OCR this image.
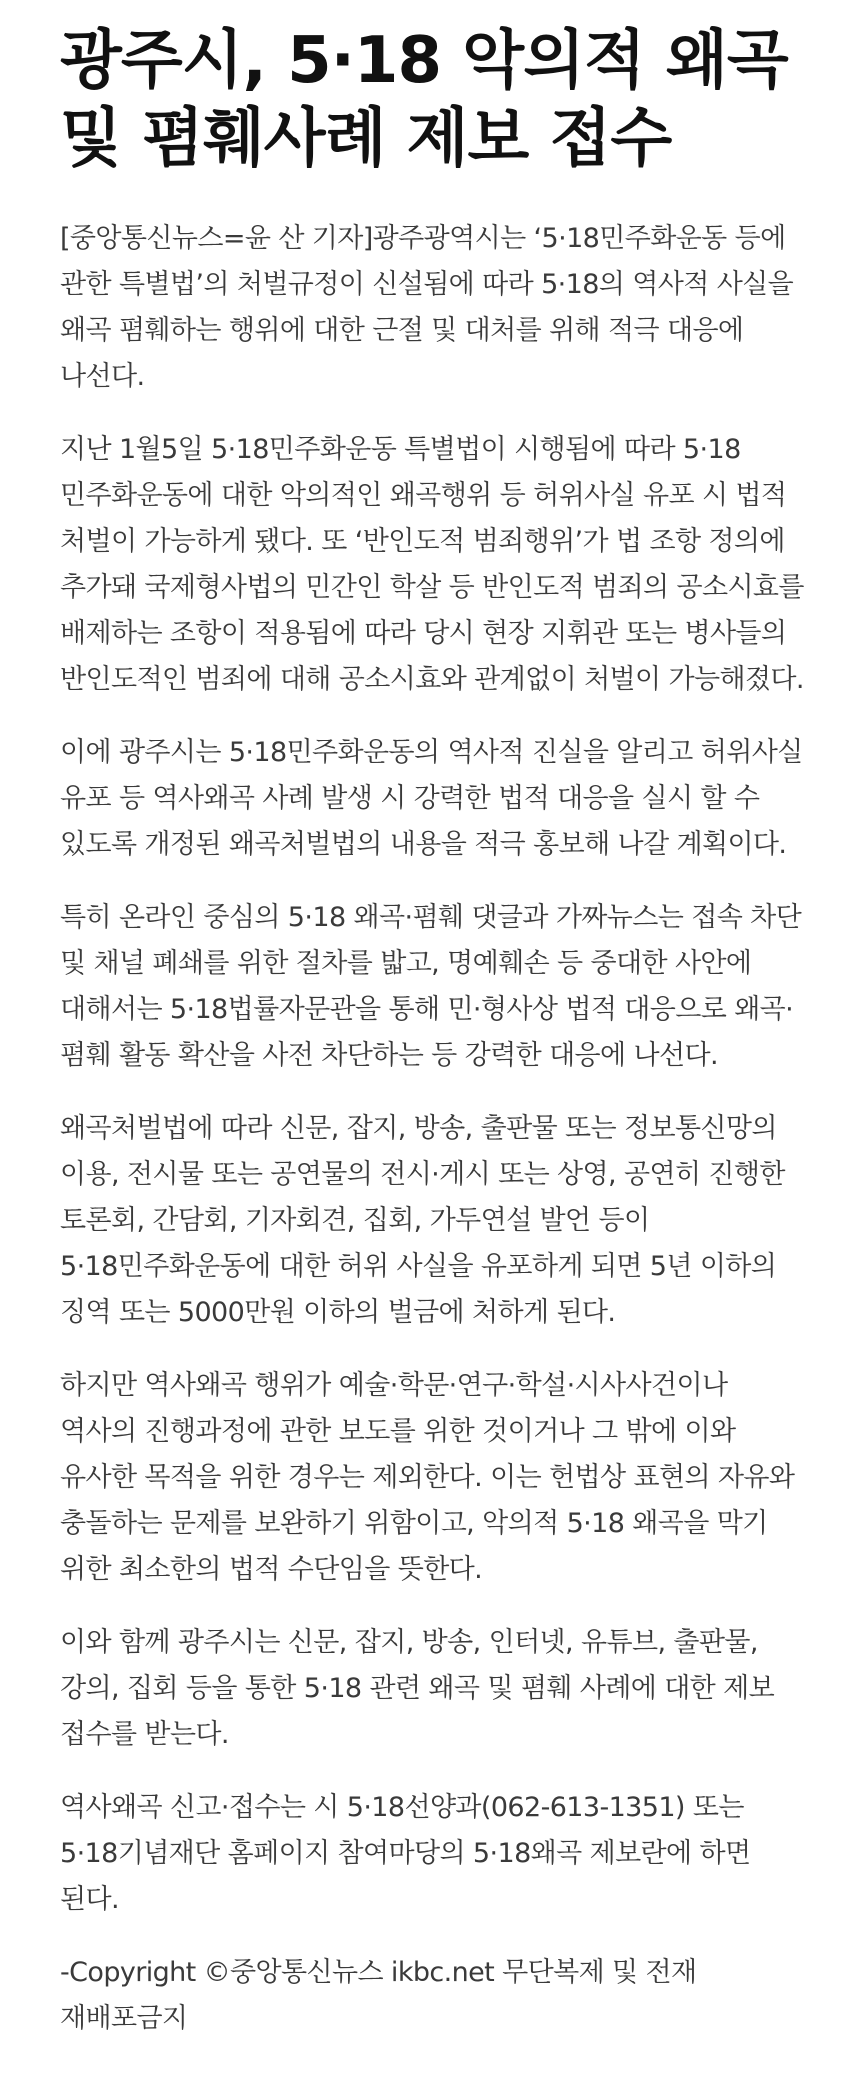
광주시, 5·18 악의적 왜곡 및 폄훼사례 제보 접수

[중앙통신뉴스=윤 산 기자]광주광역시는 ‘5·18민주화운동 등에 관한 특별법’의 처벌규정이 신설됨에 따라 5·18의 역사적 사실을 왜곡 폄훼하는 행위에 대한 근절 및 대처를 위해 적극 대응에 나선다.

지난 1월5일 5·18민주화운동 특별법이 시행됨에 따라 5·18 민주화운동에 대한 악의적인 왜곡행위 등 허위사실 유포 시 법적 처벌이 가능하게 됐다. 또 ‘반인도적 범죄행위’가 법 조항 정의에 추가돼 국제형사법의 민간인 학살 등 반인도적 범죄의 공소시효를 배제하는 조항이 적용됨에 따라 당시 현장 지휘관 또는 병사들의 반인도적인 범죄에 대해 공소시효와 관계없이 처벌이 가능해졌다.

이에 광주시는 5·18민주화운동의 역사적 진실을 알리고 허위사실 유포 등 역사왜곡 사례 발생 시 강력한 법적 대응을 실시 할 수 있도록 개정된 왜곡처벌법의 내용을 적극 홍보해 나갈 계획이다.

특히 온라인 중심의 5·18 왜곡·폄훼 댓글과 가짜뉴스는 접속 차단 및 채널 폐쇄를 위한 절차를 밟고, 명예훼손 등 중대한 사안에 대해서는 5·18법률자문관을 통해 민·형사상 법적 대응으로 왜곡·폄훼 활동 확산을 사전 차단하는 등 강력한 대응에 나선다.

왜곡처벌법에 따라 신문, 잡지, 방송, 출판물 또는 정보통신망의 이용, 전시물 또는 공연물의 전시·게시 또는 상영, 공연히 진행한 토론회, 간담회, 기자회견, 집회, 가두연설 발언 등이 5·18민주화운동에 대한 허위 사실을 유포하게 되면 5년 이하의 징역 또는 5000만원 이하의 벌금에 처하게 된다.

하지만 역사왜곡 행위가 예술·학문·연구·학설·시사사건이나 역사의 진행과정에 관한 보도를 위한 것이거나 그 밖에 이와 유사한 목적을 위한 경우는 제외한다. 이는 헌법상 표현의 자유와 충돌하는 문제를 보완하기 위함이고, 악의적 5·18 왜곡을 막기 위한 최소한의 법적 수단임을 뜻한다.

이와 함께 광주시는 신문, 잡지, 방송, 인터넷, 유튜브, 출판물, 강의, 집회 등을 통한 5·18 관련 왜곡 및 폄훼 사례에 대한 제보 접수를 받는다.

역사왜곡 신고·접수는 시 5·18선양과(062-613-1351) 또는 5·18기념재단 홈페이지 참여마당의 5·18왜곡 제보란에 하면 된다.

-Copyright ©중앙통신뉴스 ikbc.net 무단복제 및 전재 재배포금지
